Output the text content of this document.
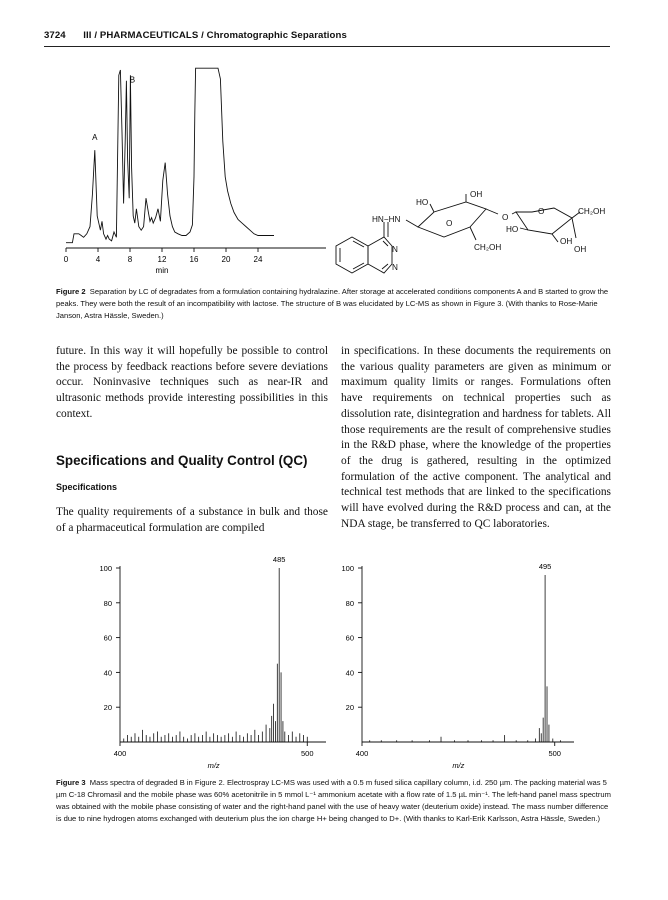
3724 III / PHARMACEUTICALS / Chromatographic Separations
0	4	8	12	16	20	24
A
B
min
HN−HN
N
N
HO
OH
O
O
CH₂OH
O	CH₂OH
HO
OH
OH
Figure 2 Separation by LC of degradates from a formulation containing hydralazine. After storage at accelerated conditions components A and B started to grow the peaks. They were both the result of an incompatibility with lactose. The structure of B was elucidated by LC-MS as shown in Figure 3. (With thanks to Rose-Marie Janson, Astra Hässle, Sweden.)

future. In this way it will hopefully be possible to control the process by feedback reactions before severe deviations occur. Noninvasive techniques such as near-IR and ultrasonic methods provide interesting possibilities in this context.

Specifications and Quality Control (QC)
Specifications

The quality requirements of a substance in bulk and those of a pharmaceutical formulation are compiled

in specifications. In these documents the requirements on the various quality parameters are given as minimum or maximum quality limits or ranges. Formulations often have requirements on technical properties such as dissolution rate, disintegration and hardness for tablets. All those requirements are the result of comprehensive studies in the R&D phase, where the knowledge of the properties of the drug is gathered, resulting in the optimized formulation of the active component. The analytical and technical test methods that are linked to the specifications will have evolved during the R&D process and can, at the NDA stage, be transferred to QC laboratories.

20
40
60
80
100
400	500
485
m/z
20
40
60
80
100
400	500
495
m/z
Figure 3 Mass spectra of degraded B in Figure 2. Electrospray LC-MS was used with a 0.5 m fused silica capillary column, i.d. 250 µm. The packing material was 5 µm C-18 Chromasil and the mobile phase was 60% acetonitrile in 5 mmol L⁻¹ ammonium acetate with a flow rate of 1.5 µL min⁻¹. The left-hand panel mass spectrum was obtained with the mobile phase consisting of water and the right-hand panel with the use of heavy water (deuterium oxide) instead. The mass number difference is due to nine hydrogen atoms exchanged with deuterium plus the ion charge H+ being changed to D+. (With thanks to Karl-Erik Karlsson, Astra Hässle, Sweden.)
